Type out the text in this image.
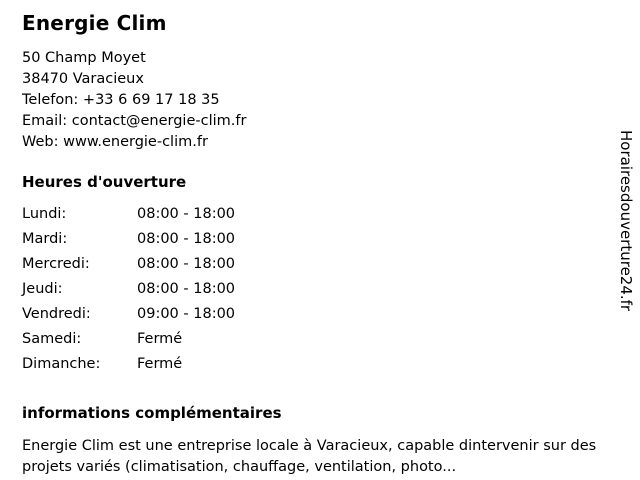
Energie Clim
50 Champ Moyet
38470 Varacieux
Telefon: +33 6 69 17 18 35
Email: contact@energie-clim.fr
Web: www.energie-clim.fr
Heures d'ouverture
Lundi:	08:00 - 18:00
Mardi:	08:00 - 18:00
Mercredi:	08:00 - 18:00
Jeudi:	08:00 - 18:00
Vendredi:	09:00 - 18:00
Samedi:	Fermé
Dimanche:	Fermé
informations complémentaires
Energie Clim est une entreprise locale à Varacieux, capable dintervenir sur des projets variés (climatisation, chauffage, ventilation, photo...
Horairesdouverture24.fr
